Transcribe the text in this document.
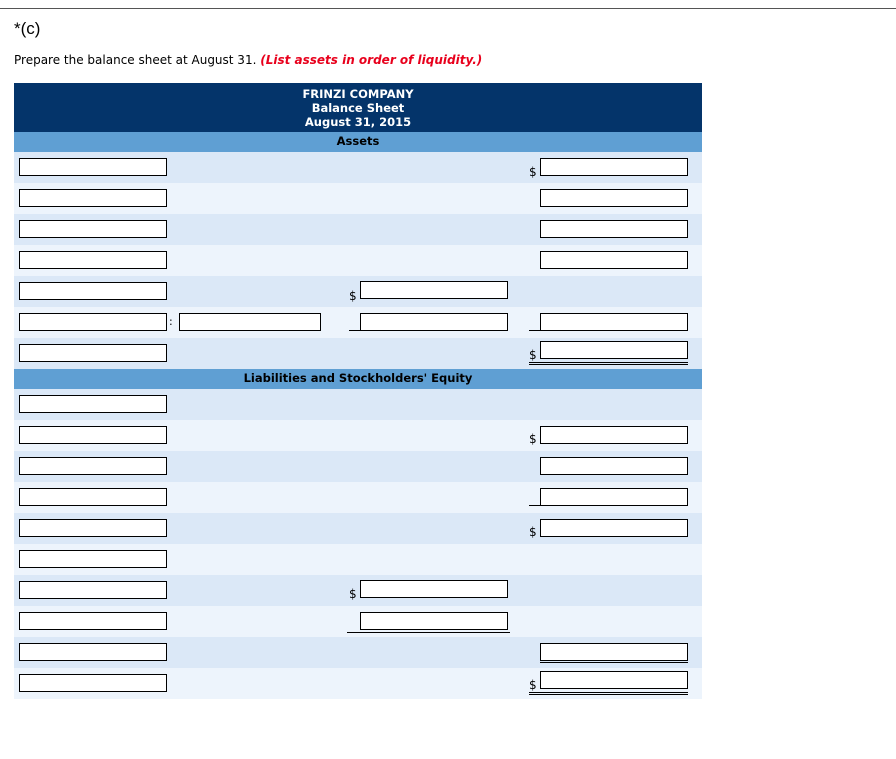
*(c)
Prepare the balance sheet at August 31. (List assets in order of liquidity.)
FRINZI COMPANY
Balance Sheet
August 31, 2015
Assets
$
$
:
$
Liabilities and Stockholders' Equity
$
$
$
$
